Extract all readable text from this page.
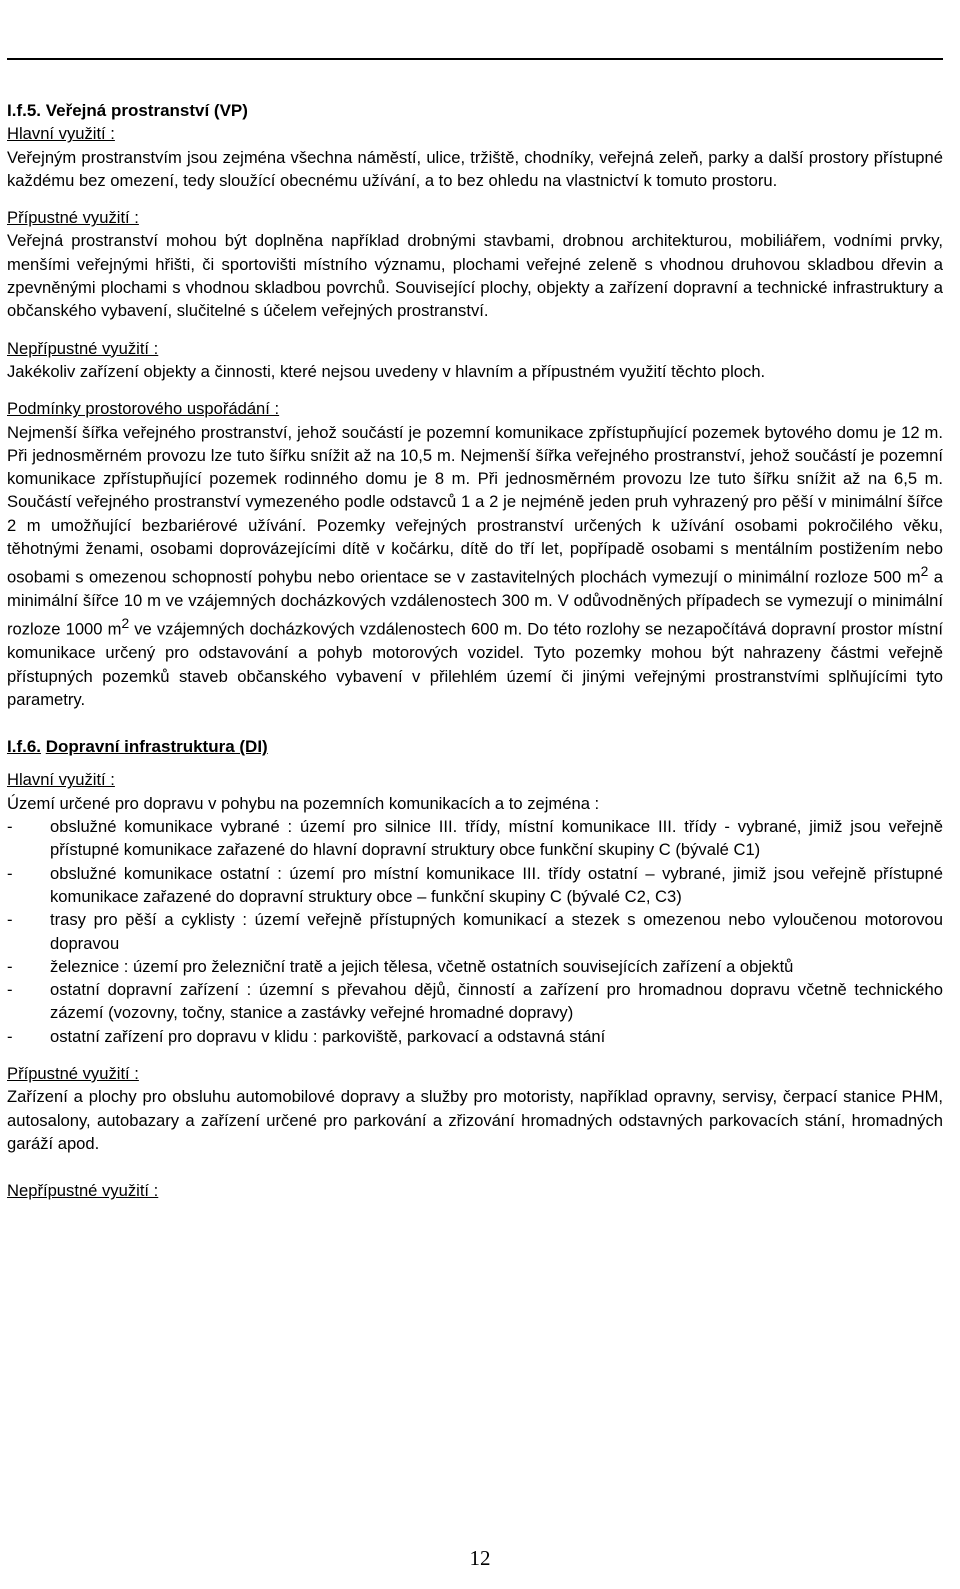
Změna č.1 - Územní plán Dubné	P01.1-14
Návrh pro společné jednání	září 2014
I.f.5. Veřejná prostranství (VP)
Hlavní využití :

Veřejným prostranstvím jsou zejména všechna náměstí, ulice, tržiště, chodníky, veřejná zeleň, parky a další prostory přístupné každému bez omezení, tedy sloužící obecnému užívání, a to bez ohledu na vlastnictví k tomuto prostoru.

Přípustné využití :

Veřejná prostranství mohou být doplněna například drobnými stavbami, drobnou architekturou, mobiliářem, vodními prvky, menšími veřejnými hřišti, či sportovišti místního významu, plochami veřejné zeleně s vhodnou druhovou skladbou dřevin a zpevněnými plochami s vhodnou skladbou povrchů. Související plochy, objekty a zařízení dopravní a technické infrastruktury a občanského vybavení, slučitelné s účelem veřejných prostranství.

Nepřípustné využití :

Jakékoliv zařízení objekty a činnosti, které nejsou uvedeny v hlavním a přípustném využití těchto ploch.

Podmínky prostorového uspořádání :

Nejmenší šířka veřejného prostranství, jehož součástí je pozemní komunikace zpřístupňující pozemek bytového domu je 12 m. Při jednosměrném provozu lze tuto šířku snížit až na 10,5 m. Nejmenší šířka veřejného prostranství, jehož součástí je pozemní komunikace zpřístupňující pozemek rodinného domu je 8 m. Při jednosměrném provozu lze tuto šířku snížit až na 6,5 m. Součástí veřejného prostranství vymezeného podle odstavců 1 a 2 je nejméně jeden pruh vyhrazený pro pěší v minimální šířce 2 m umožňující bezbariérové užívání. Pozemky veřejných prostranství určených k užívání osobami pokročilého věku, těhotnými ženami, osobami doprovázejícími dítě v kočárku, dítě do tří let, popřípadě osobami s mentálním postižením nebo osobami s omezenou schopností pohybu nebo orientace se v zastavitelných plochách vymezují o minimální rozloze 500 $m^2$ a minimální šířce 10 m ve vzájemných docházkových vzdálenostech 300 m. V odůvodněných případech se vymezují o minimální rozloze 1000 $m^2$ ve vzájemných docházkových vzdálenostech 600 m. Do této rozlohy se nezapočítává dopravní prostor místní komunikace určený pro odstavování a pohyb motorových vozidel. Tyto pozemky mohou být nahrazeny částmi veřejně přístupných pozemků staveb občanského vybavení v přilehlém území či jinými veřejnými prostranstvími splňujícími tyto parametry.

I.f.6. Dopravní infrastruktura (DI)
Hlavní využití :

Území určené pro dopravu v pohybu na pozemních komunikacích a to zejména :

- obslužné komunikace vybrané : území pro silnice III. třídy, místní komunikace III. třídy - vybrané, jimiž jsou veřejně přístupné komunikace zařazené do hlavní dopravní struktury obce funkční skupiny C (bývalé C1)
- obslužné komunikace ostatní : území pro místní komunikace III. třídy ostatní – vybrané, jimiž jsou veřejně přístupné komunikace zařazené do dopravní struktury obce – funkční skupiny C (bývalé C2, C3)
- trasy pro pěší a cyklisty : území veřejně přístupných komunikací a stezek s omezenou nebo vyloučenou motorovou dopravou
- železnice : území pro železniční tratě a jejich tělesa, včetně ostatních souvisejících zařízení a objektů
- ostatní dopravní zařízení : územní s převahou dějů, činností a zařízení pro hromadnou dopravu včetně technického zázemí (vozovny, točny, stanice a zastávky veřejné hromadné dopravy)
- ostatní zařízení pro dopravu v klidu : parkoviště, parkovací a odstavná stání
Přípustné využití :

Zařízení a plochy pro obsluhu automobilové dopravy a služby pro motoristy, například opravny, servisy, čerpací stanice PHM, autosalony, autobazary a zařízení určené pro parkování a zřizování hromadných odstavných parkovacích stání, hromadných garáží apod.

Nepřípustné využití :
12
